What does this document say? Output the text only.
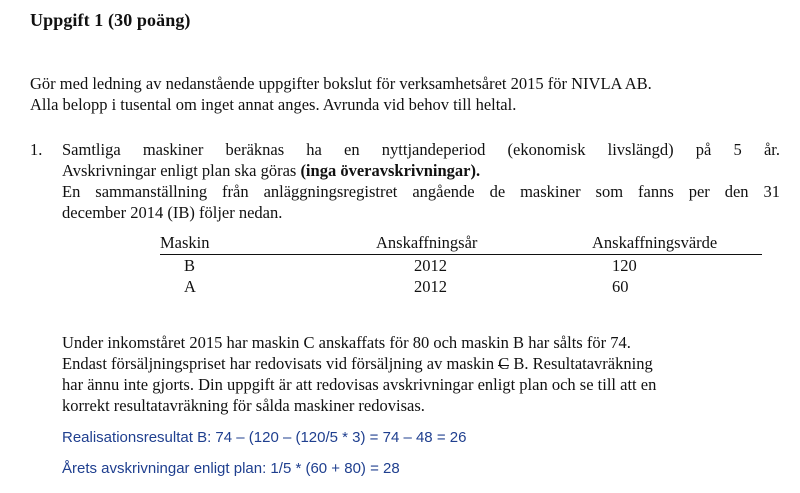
Uppgift 1 (30 poäng)
Gör med ledning av nedanstående uppgifter bokslut för verksamhetsåret 2015 för NIVLA AB.
Alla belopp i tusental om inget annat anges. Avrunda vid behov till heltal.
1. Samtliga maskiner beräknas ha en nyttjandeperiod (ekonomisk livslängd) på 5 år.
Avskrivningar enligt plan ska göras (inga överavskrivningar).
En sammanställning från anläggningsregistret angående de maskiner som fanns per den 31
december 2014 (IB) följer nedan.
Maskin	Anskaffningsår	Anskaffningsvärde
B	2012	120
A	2012	60
Under inkomståret 2015 har maskin C anskaffats för 80 och maskin B har sålts för 74.
Endast försäljningspriset har redovisats vid försäljning av maskin C B. Resultatavräkning
har ännu inte gjorts. Din uppgift är att redovisas avskrivningar enligt plan och se till att en
korrekt resultatavräkning för sålda maskiner redovisas.
Realisationsresultat B: 74 – (120 – (120/5 * 3) = 74 – 48 = 26
Årets avskrivningar enligt plan: 1/5 * (60 + 80) = 28
